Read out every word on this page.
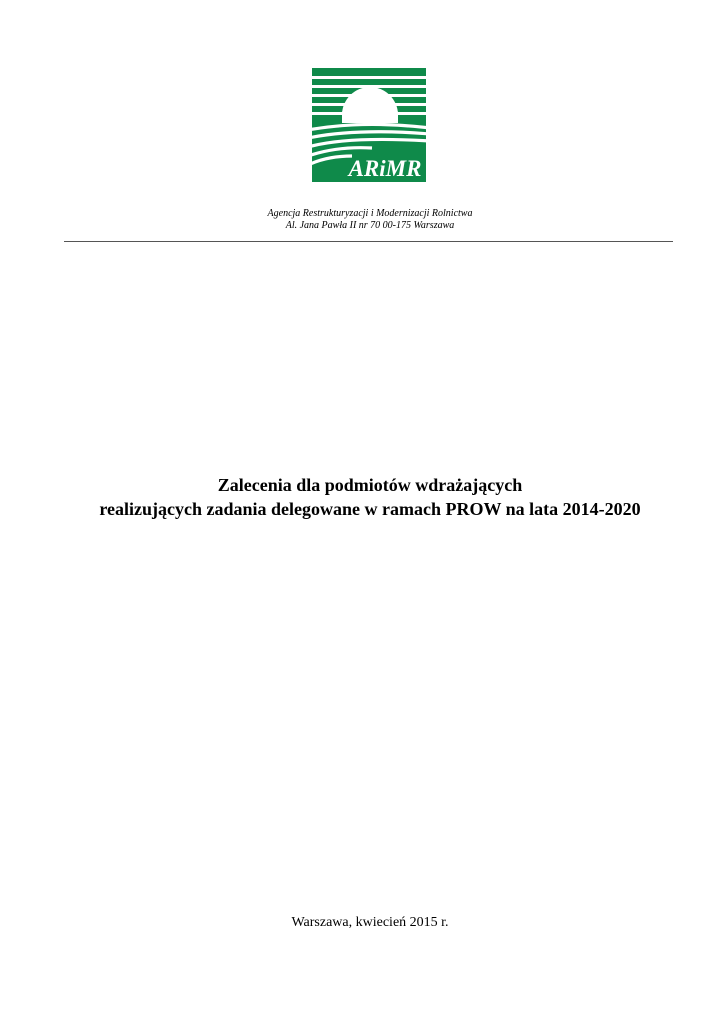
ARiMR
Agencja Restrukturyzacji i Modernizacji Rolnictwa
Al. Jana Pawła II nr 70 00-175 Warszawa
Zalecenia dla podmiotów wdrażających
realizujących zadania delegowane w ramach PROW na lata 2014-2020
Warszawa, kwiecień 2015 r.
